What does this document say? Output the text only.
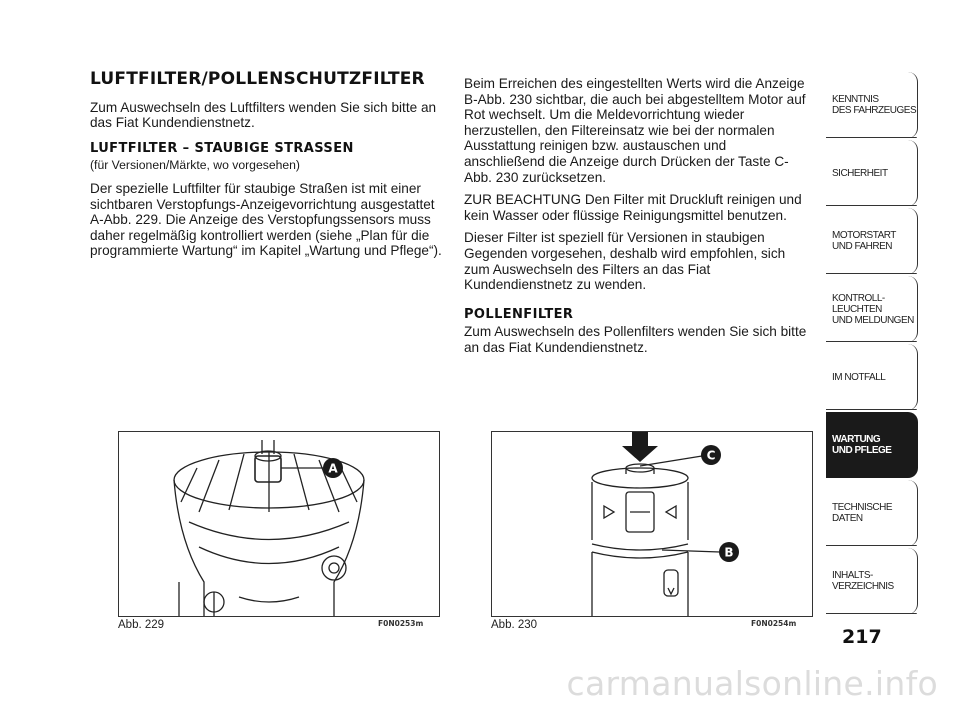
LUFTFILTER/POLLENSCHUTZFILTER

Zum Auswechseln des Luftfilters wenden Sie sich bitte an das Fiat Kundendienstnetz.

LUFTFILTER – STAUBIGE STRASSEN

(für Versionen/Märkte, wo vorgesehen)

Der spezielle Luftfilter für staubige Straßen ist mit einer sichtbaren Verstopfungs-Anzeigevorrichtung ausgestattet A-Abb. 229. Die Anzeige des Verstopfungssensors muss daher regelmäßig kontrolliert werden (siehe „Plan für die programmierte Wartung“ im Kapitel „Wartung und Pflege“).

Beim Erreichen des eingestellten Werts wird die Anzeige B-Abb. 230 sichtbar, die auch bei abgestelltem Motor auf Rot wechselt. Um die Meldevorrichtung wieder herzustellen, den Filtereinsatz wie bei der normalen Ausstattung reinigen bzw. austauschen und anschließend die Anzeige durch Drücken der Taste C-Abb. 230 zurücksetzen.

ZUR BEACHTUNG Den Filter mit Druckluft reinigen und kein Wasser oder flüssige Reinigungsmittel benutzen.

Dieser Filter ist speziell für Versionen in staubigen Gegenden vorgesehen, deshalb wird empfohlen, sich zum Auswechseln des Filters an das Fiat Kundendienstnetz zu wenden.

POLLENFILTER

Zum Auswechseln des Pollenfilters wenden Sie sich bitte an das Fiat Kundendienstnetz.

A
Abb. 229	F0N0253m
C
B
Abb. 230	F0N0254m
KENNTNIS
DES FAHRZEUGES
SICHERHEIT
MOTORSTART
UND FAHREN
KONTROLL-
LEUCHTEN
UND MELDUNGEN
IM NOTFALL
WARTUNG
UND PFLEGE
TECHNISCHE
DATEN
INHALTS-
VERZEICHNIS
217
carmanualsonline.info
